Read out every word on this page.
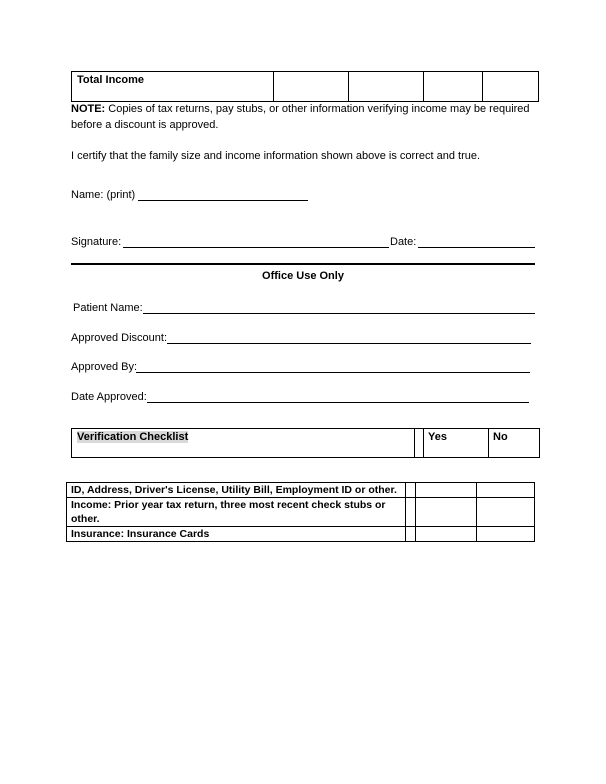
Total Income				

NOTE: Copies of tax returns, pay stubs, or other information verifying income may be required before a discount is approved.

I certify that the family size and income information shown above is correct and true.

Name: (print)
Signature:	Date:
Office Use Only
Patient Name:
Approved Discount:
Approved By:
Date Approved:
Verification Checklist		Yes	No
ID, Address, Driver's License, Utility Bill, Employment ID or other.			
Income: Prior year tax return, three most recent check stubs or other.			
Insurance: Insurance Cards			
